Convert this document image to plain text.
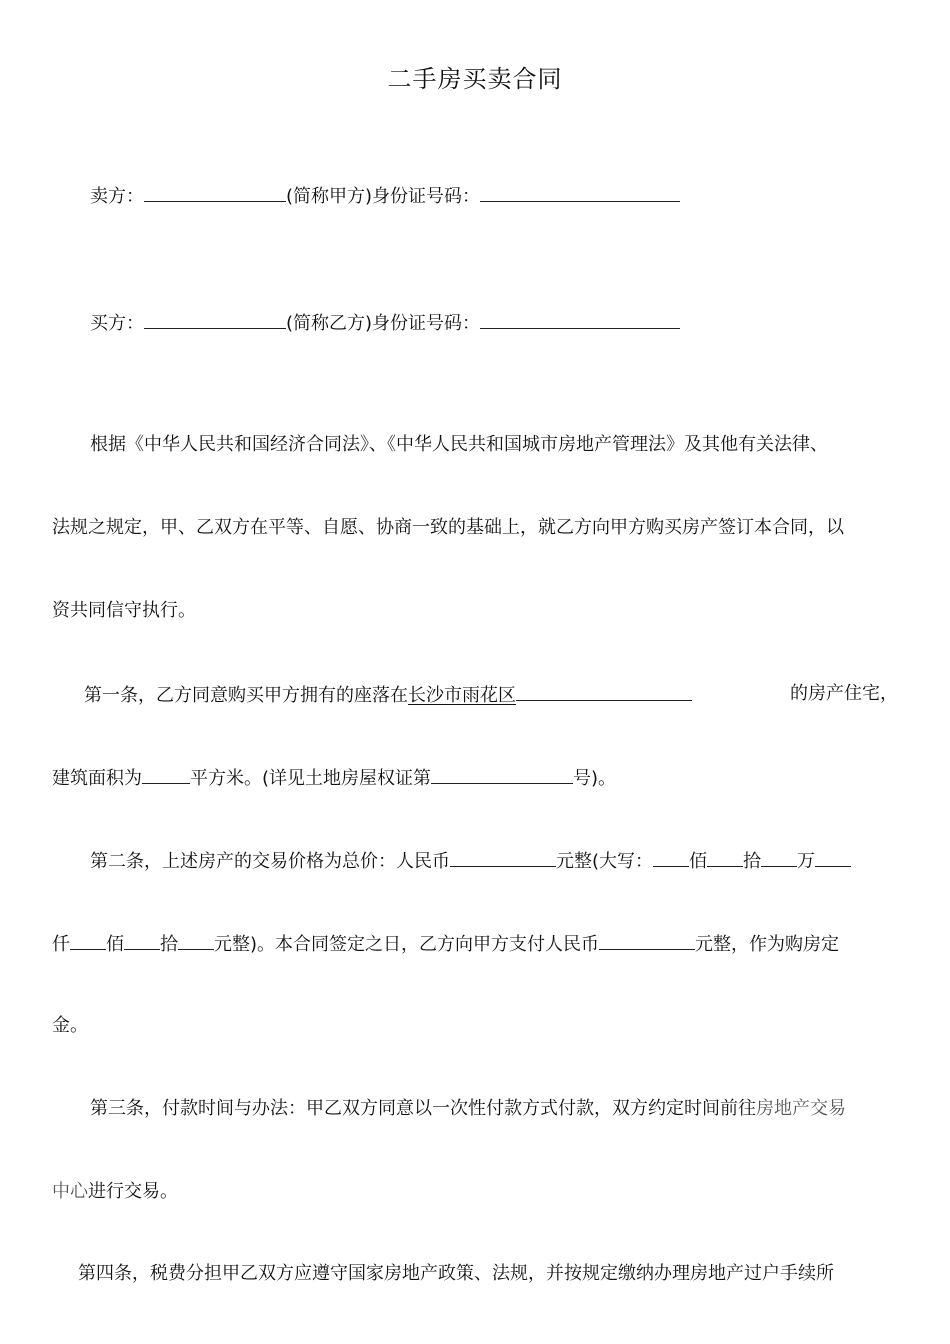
二手房买卖合同
卖方：	(简称甲方)身份证号码：
买方：	(简称乙方)身份证号码：
根据《中华人民共和国经济合同法》、《中华人民共和国城市房地产管理法》及其他有关法律、
法规之规定，甲、乙双方在平等、自愿、协商一致的基础上，就乙方向甲方购买房产签订本合同，以
资共同信守执行。
第一条，乙方同意购买甲方拥有的座落在长沙市雨花区	的房产住宅，
建筑面积为	平方米。(详见土地房屋权证第	号)。
第二条，上述房产的交易价格为总价：人民币	元整(大写： 佰 拾 万
仟 佰 拾 元整)。本合同签定之日，乙方向甲方支付人民币	元整，作为购房定
金。
第三条，付款时间与办法：甲乙双方同意以一次性付款方式付款，双方约定时间前往房地产交易
中心进行交易。
第四条，税费分担甲乙双方应遵守国家房地产政策、法规，并按规定缴纳办理房地产过户手续所
